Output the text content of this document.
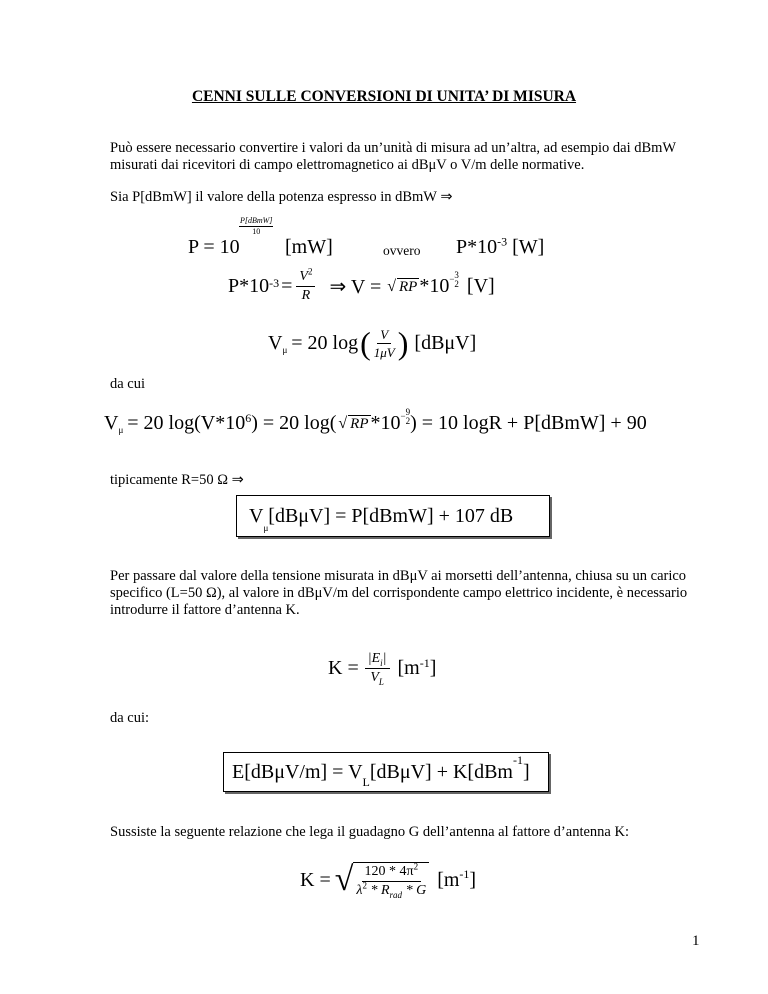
CENNI SULLE CONVERSIONI DI UNITA’ DI MISURA
Può essere necessario convertire i valori da un’unità di misura ad un’altra, ad esempio dai dBmW
misurati dai ricevitori di campo elettromagnetico ai dBμV o V/m delle normative.
Sia P[dBmW] il valore della potenza espresso in dBmW ⇒
P = 10
P[dBmW]
10
[mW]	ovvero $P*10^{-3}$ [W]
$P*10^{-3} = \frac{V^2}{R}$ ⇒ V = √ RP *10 − 3
2 [V]
$V_\mu = 20$ log ( $\frac{V}{1\mu V}$ ) [dBμV]
da cui
$V_\mu = 20$ $\log(V*10^6$ ) = 20 log( √ RP *10 − 9
2 ) = 10 logR + P[dBmW] + 90
tipicamente R=50 Ω ⇒
$V_\mu[dB\mu V]$ = P[dBmW] + 107 dB
Per passare dal valore della tensione misurata in dBμV ai morsetti dell’antenna, chiusa su un carico
specifico (L=50 Ω), al valore in dBμV/m del corrispondente campo elettrico incidente, è necessario
introdurre il fattore d’antenna K.
$K = \frac{|E_i|}{V_L} [m^{-1}$ ]
da cui:
$E[dB\mu V/m] = V_L[dB\mu V] + K[dBm^{-1}]$
Sussiste la seguente relazione che lega il guadagno G dell’antenna al fattore d’antenna K:
K = √ $\frac{120 * 4\pi^2}{\lambda^2 * R_{rad} * G} [m^{-1}$ ]
1
